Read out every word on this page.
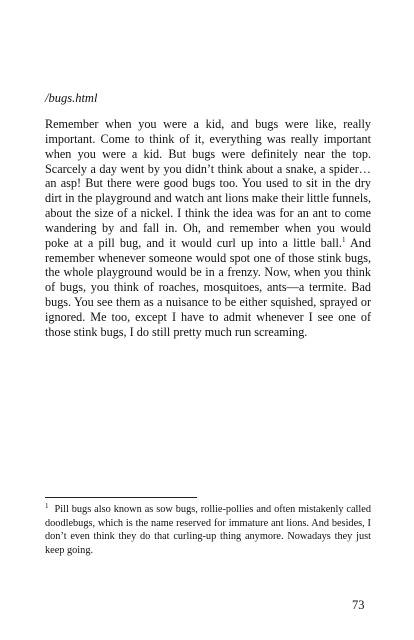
/bugs.html

Remember when you were a kid, and bugs were like, really important. Come to think of it, everything was really important when you were a kid. But bugs were definitely near the top. Scarcely a day went by you didn’t think about a snake, a spider…an asp! But there were good bugs too. You used to sit in the dry dirt in the playground and watch ant lions make their little funnels, about the size of a nickel. I think the idea was for an ant to come wandering by and fall in. Oh, and remember when you would poke at a pill bug, and it would curl up into a little ball.$^1$ And remember whenever someone would spot one of those stink bugs, the whole playground would be in a frenzy. Now, when you think of bugs, you think of roaches, mosquitoes, ants—a termite. Bad bugs. You see them as a nuisance to be either squished, sprayed or ignored. Me too, except I have to admit whenever I see one of those stink bugs, I do still pretty much run screaming.

$^1$ Pill bugs also known as sow bugs, rollie-pollies and often mistakenly called doodlebugs, which is the name reserved for immature ant lions. And besides, I don’t even think they do that curling-up thing anymore. Nowadays they just keep going.

73
